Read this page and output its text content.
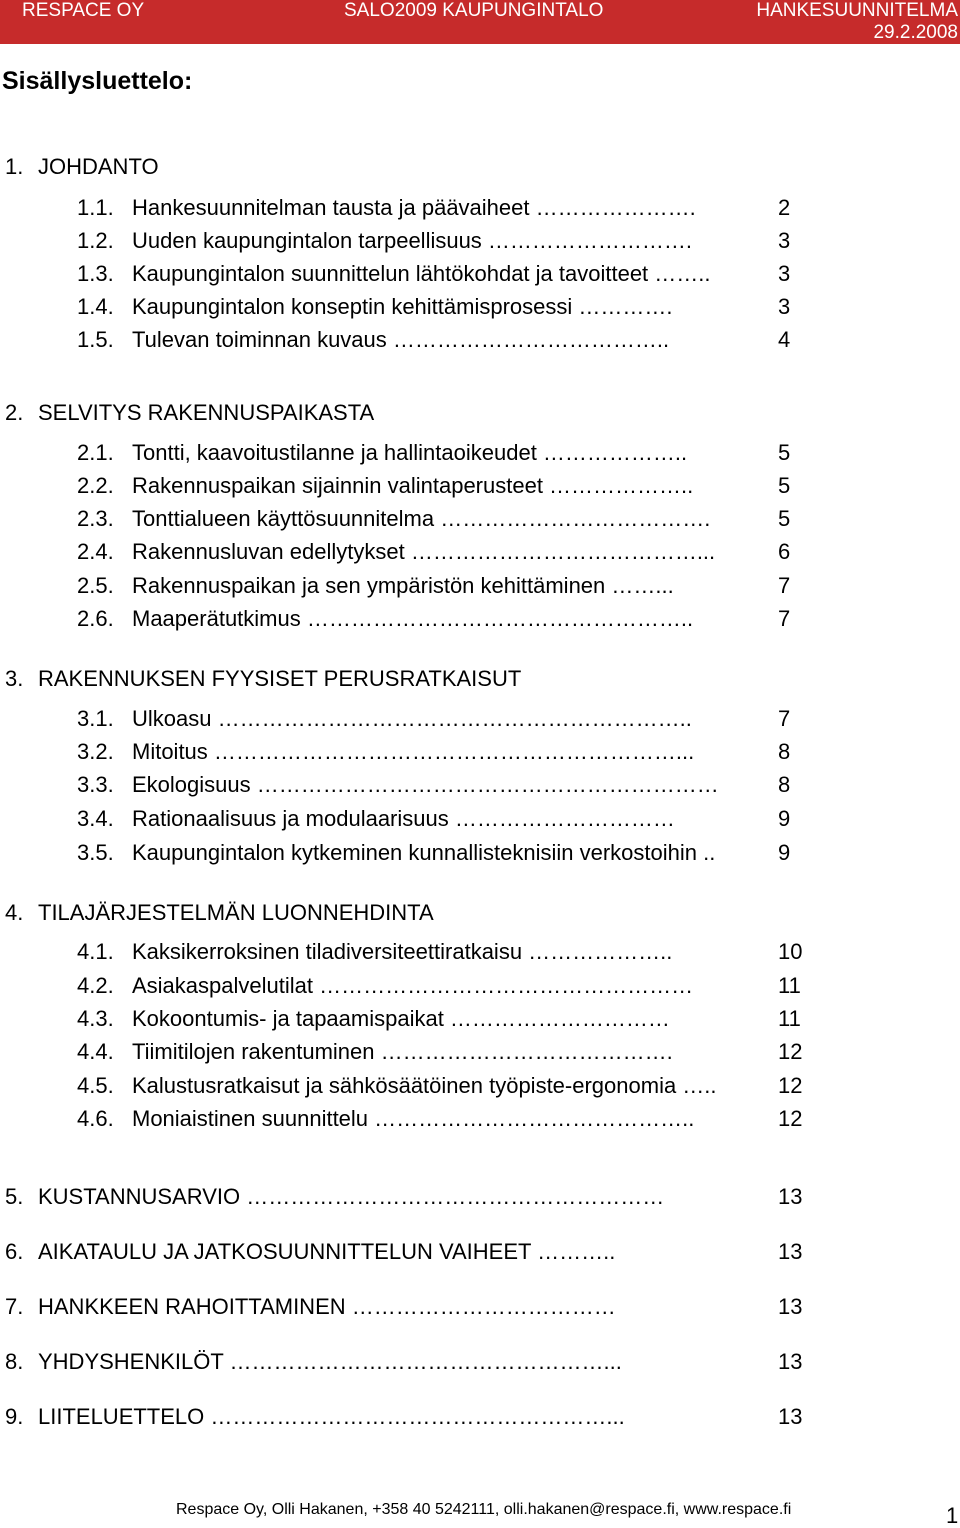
RESPACE OY	SALO2009 KAUPUNGINTALO	HANKESUUNNITELMA
29.2.2008
Sisällysluettelo:
1. JOHDANTO
1.1. Hankesuunnitelman tausta ja päävaiheet ………………….	2
1.2. Uuden kaupungintalon tarpeellisuus ……………………….	3
1.3. Kaupungintalon suunnittelun lähtökohdat ja tavoitteet ……..	3
1.4. Kaupungintalon konseptin kehittämisprosessi ………….	3
1.5. Tulevan toiminnan kuvaus ………………………………..	4
2. SELVITYS RAKENNUSPAIKASTA
2.1. Tontti, kaavoitustilanne ja hallintaoikeudet ………………..	5
2.2. Rakennuspaikan sijainnin valintaperusteet ………………..	5
2.3. Tonttialueen käyttösuunnitelma ……………………………….	5
2.4. Rakennusluvan edellytykset …………………………………...	6
2.5. Rakennuspaikan ja sen ympäristön kehittäminen ……...	7
2.6. Maaperätutkimus ……………………………………………..	7
3. RAKENNUKSEN FYYSISET PERUSRATKAISUT
3.1. Ulkoasu ………………………………………………………..	7
3.2. Mitoitus ………………………………………………………...	8
3.3. Ekologisuus ………………………………………………………	8
3.4. Rationaalisuus ja modulaarisuus …………………………	9
3.5. Kaupungintalon kytkeminen kunnallisteknisiin verkostoihin ..	9
4. TILAJÄRJESTELMÄN LUONNEHDINTA
4.1. Kaksikerroksinen tiladiversiteettiratkaisu ………………..	10
4.2. Asiakaspalvelutilat ……………………………………………	11
4.3. Kokoontumis- ja tapaamispaikat …………………………	11
4.4. Tiimitilojen rakentuminen ………………………………….	12
4.5. Kalustusratkaisut ja sähkösäätöinen työpiste-ergonomia …..	12
4.6. Moniaistinen suunnittelu ……………………………………..	12
5. KUSTANNUSARVIO …………………………………………………	13
6. AIKATAULU JA JATKOSUUNNITTELUN VAIHEET ………..	13
7. HANKKEEN RAHOITTAMINEN ………………………………	13
8. YHDYSHENKILÖT ……………………………………………...	13
9. LIITELUETTELO ………………………………………………...	13
Respace Oy, Olli Hakanen, +358 40 5242111, olli.hakanen@respace.fi, www.respace.fi	1
